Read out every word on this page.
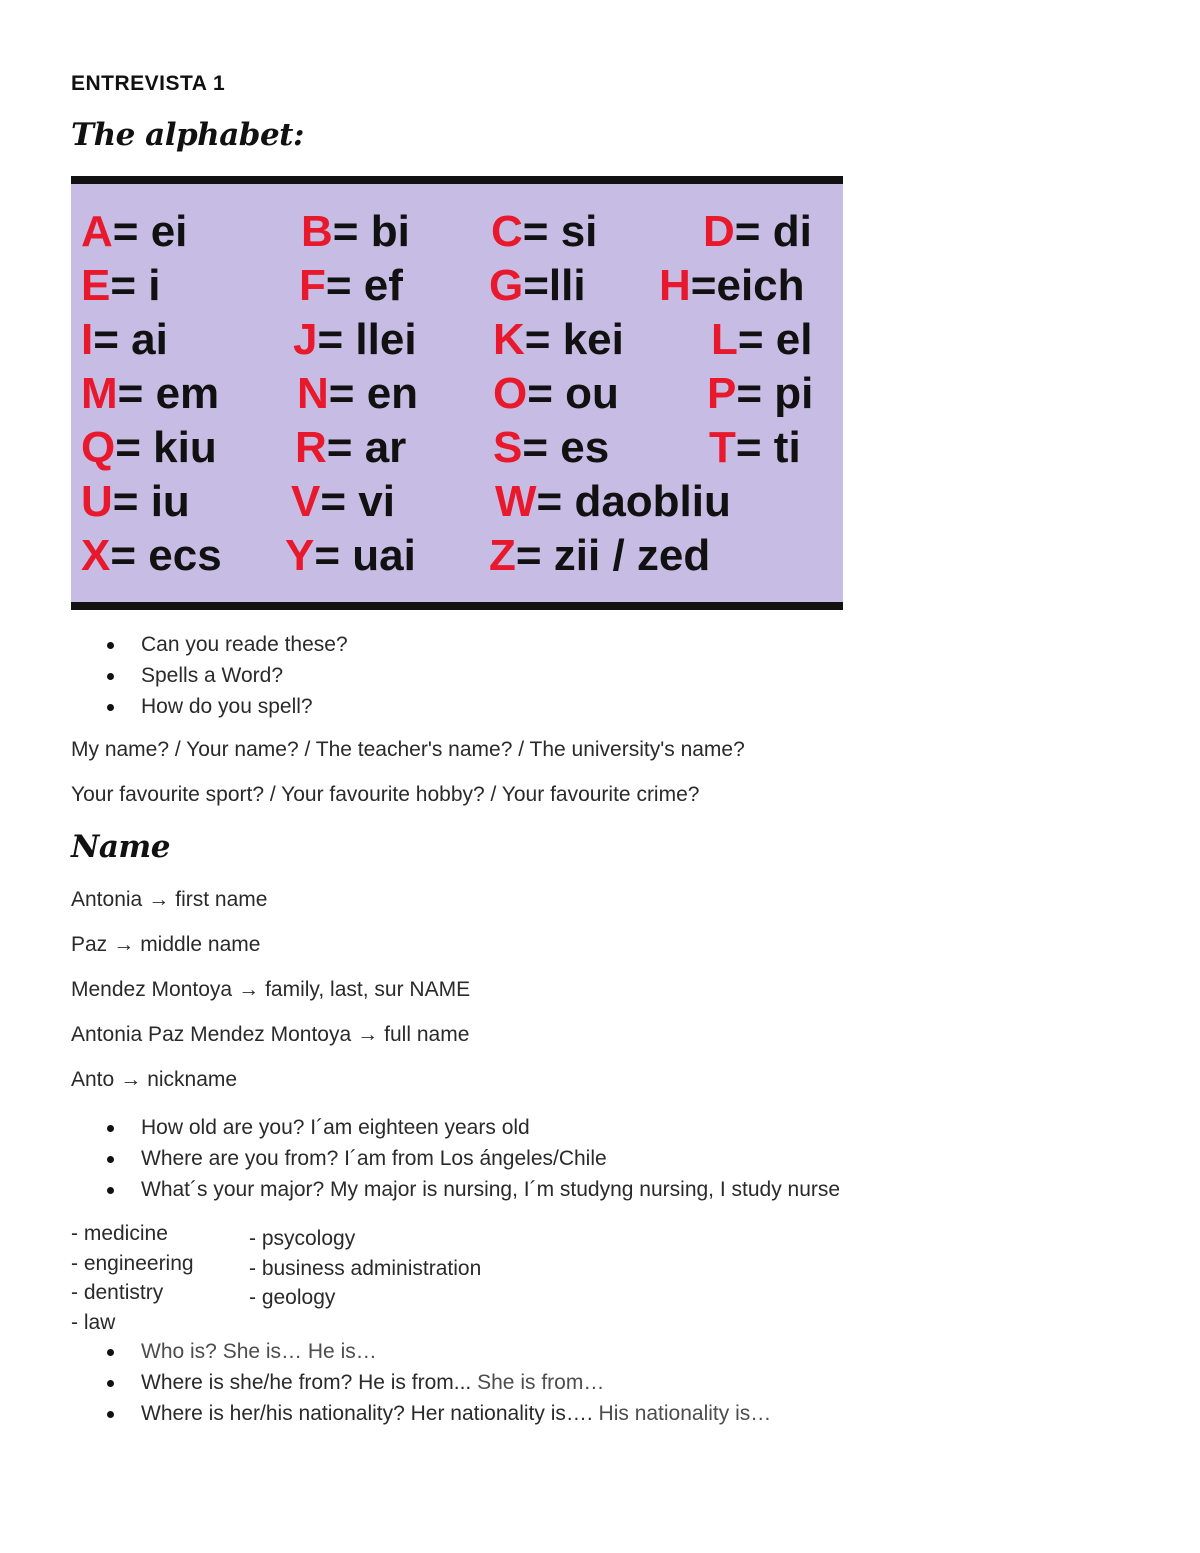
ENTREVISTA 1
The alphabet:
A= ei	B= bi C= si D= di
E= i	F= ef G=lli H=eich
I= ai	J= llei K= kei L= el
M= em N= en O= ou P= pi
Q= kiu R= ar S= es T= ti
U= iu V= vi W= daobliu
X= ecs Y= uai Z= zii / zed
Can you reade these?
Spells a Word?
How do you spell?
My name? / Your name? / The teacher's name? / The university's name?
Your favourite sport? / Your favourite hobby? / Your favourite crime?
Name
Antonia → first name
Paz → middle name
Mendez Montoya → family, last, sur NAME
Antonia Paz Mendez Montoya → full name
Anto → nickname
How old are you? I´am eighteen years old
Where are you from? I´am from Los ángeles/Chile
What´s your major? My major is nursing, I´m studyng nursing, I study nurse
- medicine
- engineering
- dentistry
- law
- psycology
- business administration
- geology
Who is? She is… He is…
Where is she/he from? He is from... She is from…
Where is her/his nationality? Her nationality is…. His nationality is…
